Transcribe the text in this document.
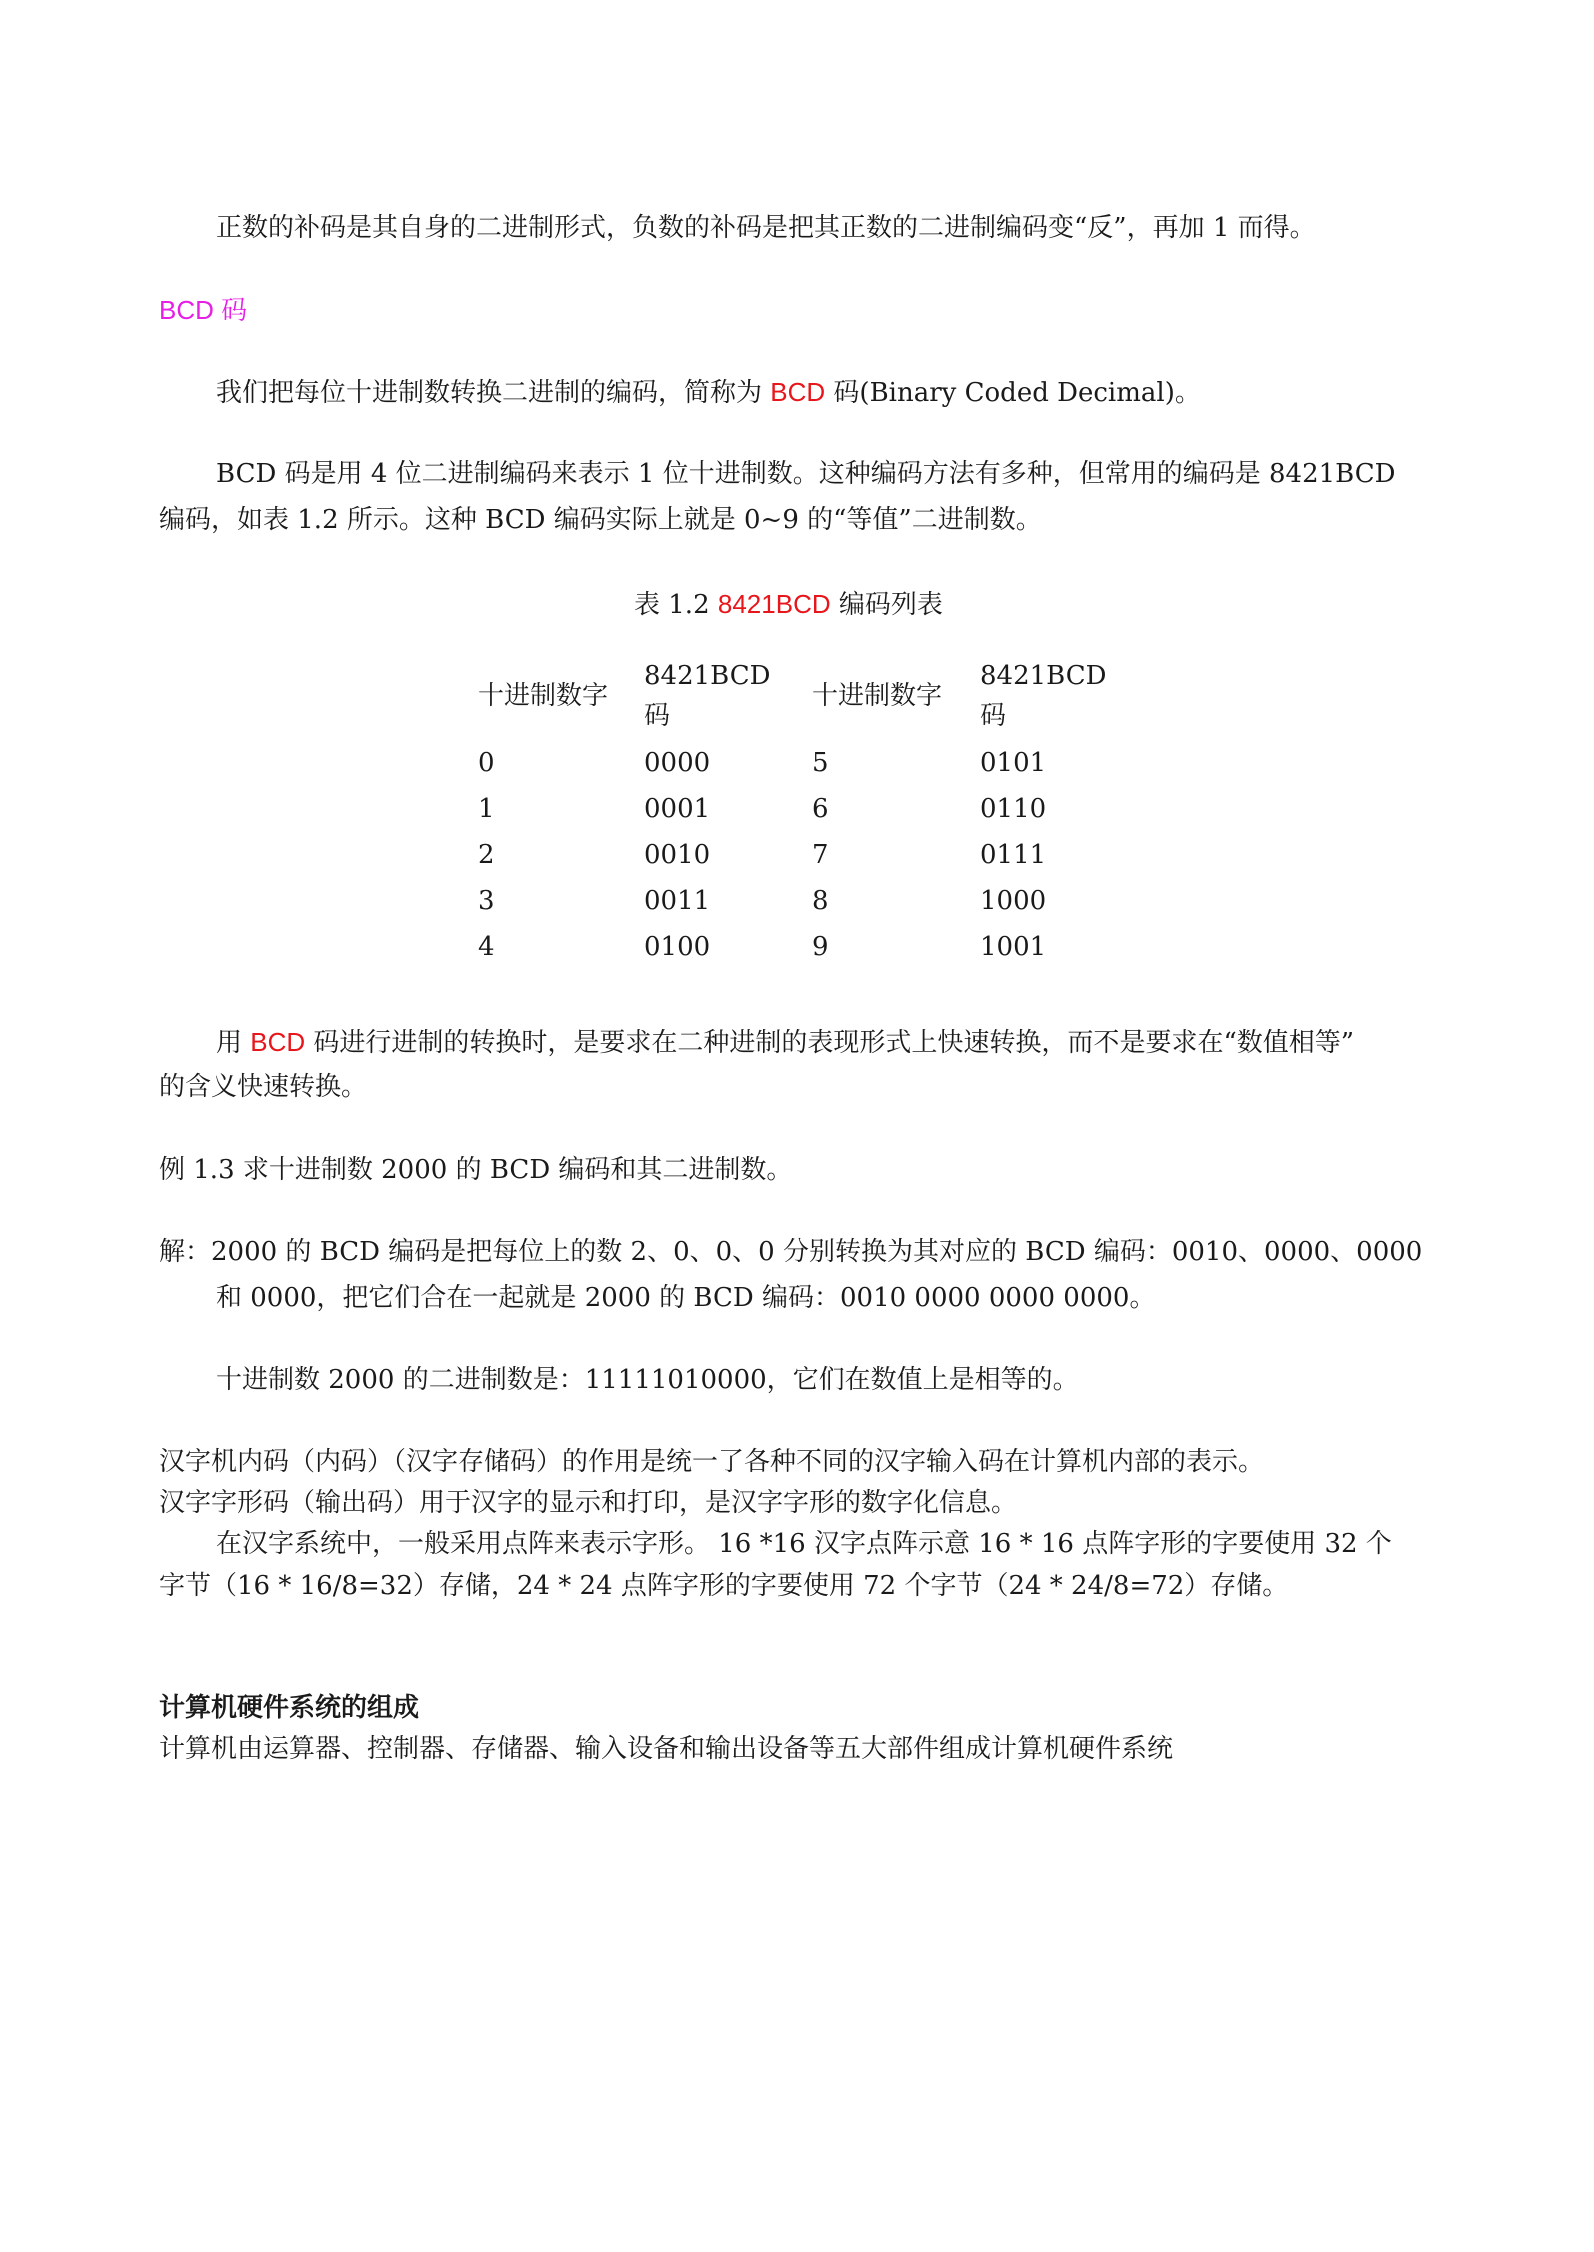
正数的补码是其自身的二进制形式，负数的补码是把其正数的二进制编码变“反”，再加 1 而得。
BCD 码
我们把每位十进制数转换二进制的编码，简称为 BCD 码(Binary Coded Decimal)。
BCD 码是用 4 位二进制编码来表示 1 位十进制数。这种编码方法有多种，但常用的编码是 8421BCD
编码，如表 1.2 所示。这种 BCD 编码实际上就是 0~9 的“等值”二进制数。
表 1.2 8421BCD 编码列表
十进制数字	8421BCD 码	十进制数字	8421BCD 码

0	0000	5	0101
1	0001	6	0110
2	0010	7	0111
3	0011	8	1000
4	0100	9	1001
用 BCD 码进行进制的转换时，是要求在二种进制的表现形式上快速转换，而不是要求在“数值相等”
的含义快速转换。
例 1.3 求十进制数 2000 的 BCD 编码和其二进制数。
解：2000 的 BCD 编码是把每位上的数 2、0、0、0 分别转换为其对应的 BCD 编码：0010、0000、0000
和 0000，把它们合在一起就是 2000 的 BCD 编码：0010 0000 0000 0000。
十进制数 2000 的二进制数是：11111010000，它们在数值上是相等的。
汉字机内码（内码）（汉字存储码）的作用是统一了各种不同的汉字输入码在计算机内部的表示。
汉字字形码（输出码）用于汉字的显示和打印，是汉字字形的数字化信息。
在汉字系统中，一般采用点阵来表示字形。 16 *16 汉字点阵示意 16 * 16 点阵字形的字要使用 32 个
字节（16 * 16/8=32）存储，24 * 24 点阵字形的字要使用 72 个字节（24 * 24/8=72）存储。
计算机硬件系统的组成
计算机由运算器、控制器、存储器、输入设备和输出设备等五大部件组成计算机硬件系统
